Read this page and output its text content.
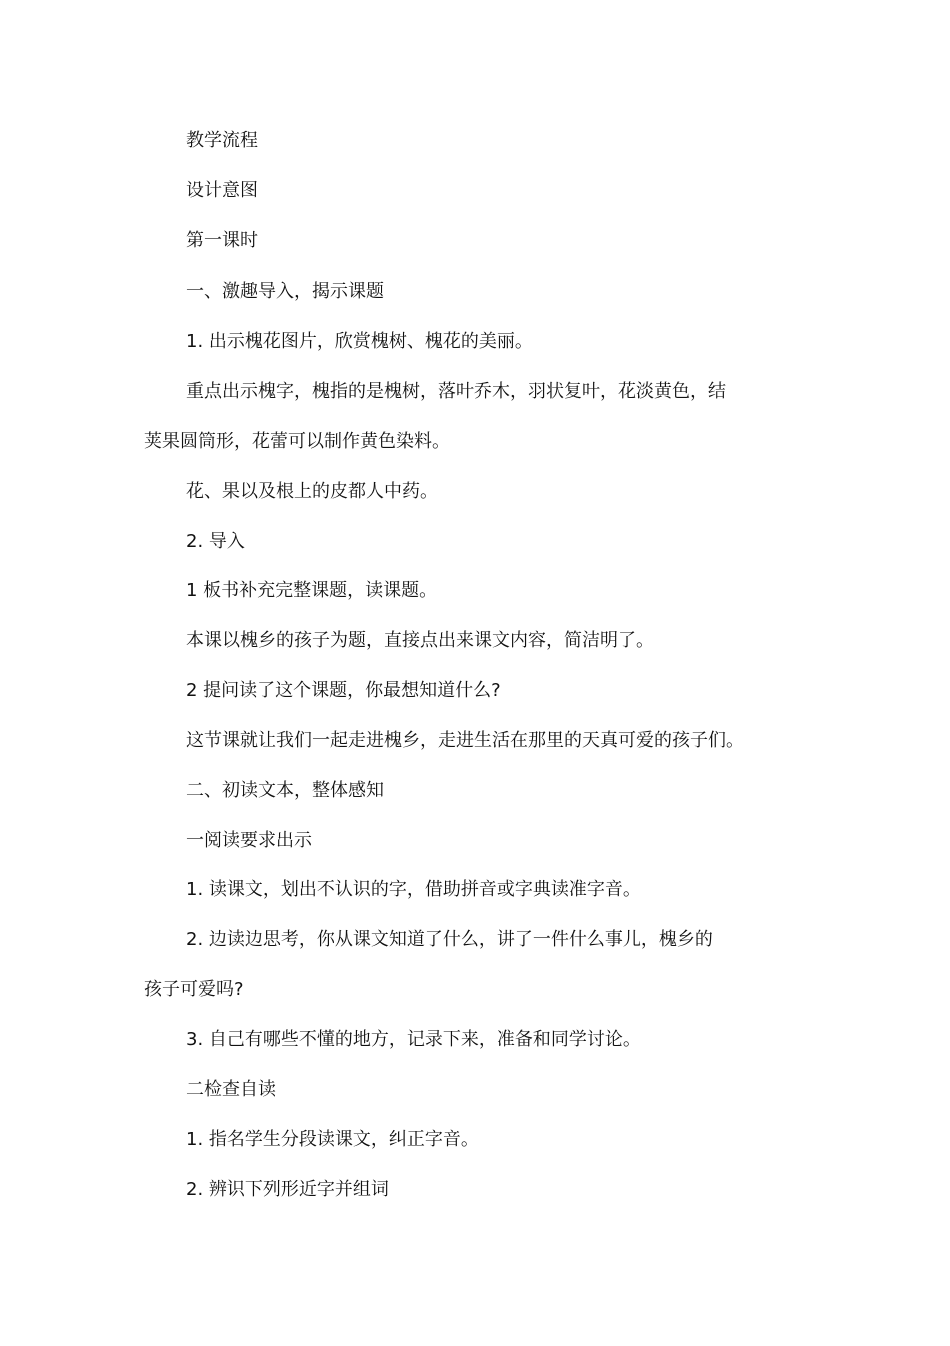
教学流程
设计意图
第一课时
一、激趣导入，揭示课题
1. 出示槐花图片，欣赏槐树、槐花的美丽。
重点出示槐字，槐指的是槐树，落叶乔木，羽状复叶，花淡黄色，结
荚果圆筒形，花蕾可以制作黄色染料。
花、果以及根上的皮都人中药。
2. 导入
1 板书补充完整课题，读课题。
本课以槐乡的孩子为题，直接点出来课文内容，简洁明了。
2 提问读了这个课题，你最想知道什么?
这节课就让我们一起走进槐乡，走进生活在那里的天真可爱的孩子们。
二、初读文本，整体感知
一阅读要求出示
1. 读课文，划出不认识的字，借助拼音或字典读准字音。
2. 边读边思考，你从课文知道了什么，讲了一件什么事儿，槐乡的
孩子可爱吗?
3. 自己有哪些不懂的地方，记录下来，准备和同学讨论。
二检查自读
1. 指名学生分段读课文，纠正字音。
2. 辨识下列形近字并组词
